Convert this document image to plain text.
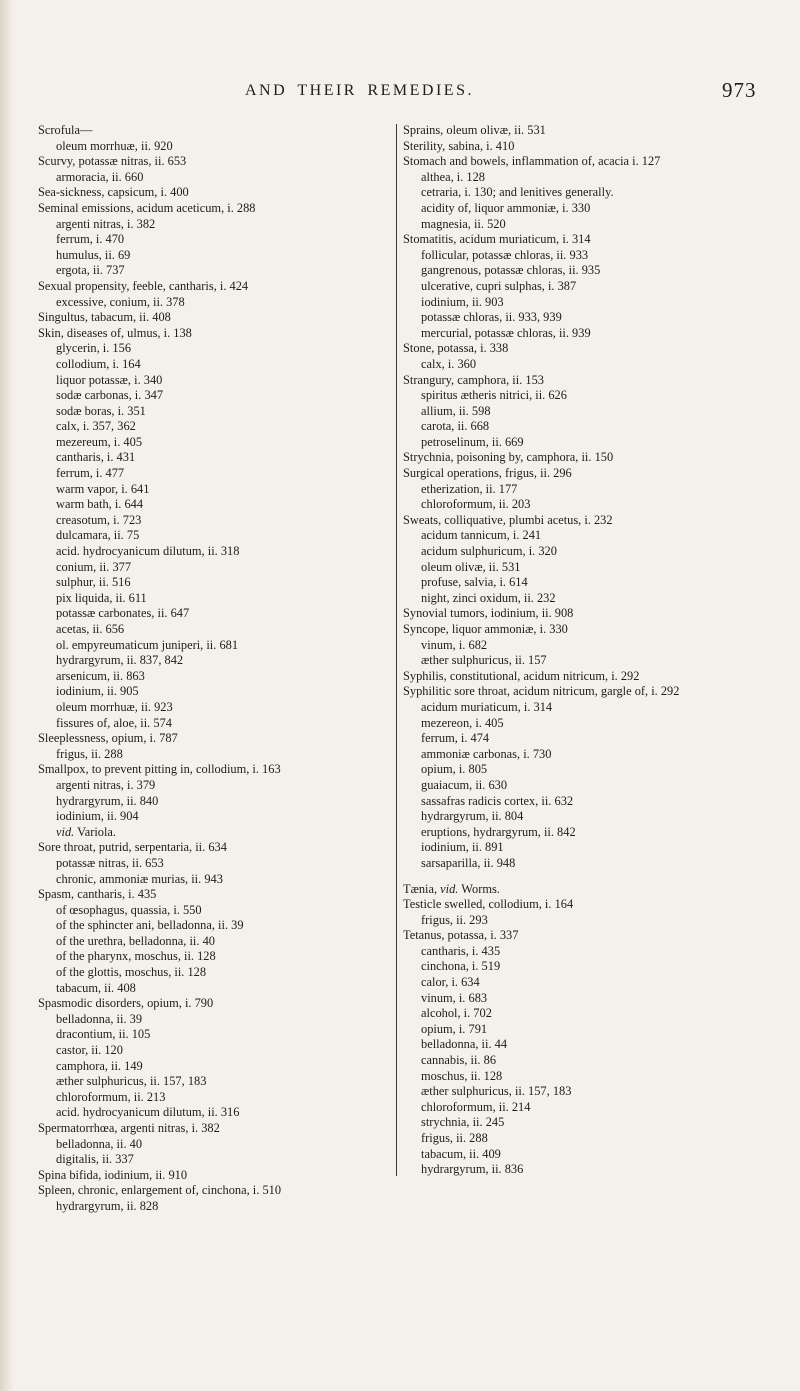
AND THEIR REMEDIES.	973

Scrofula—

oleum morrhuæ, ii. 920

Scurvy, potassæ nitras, ii. 653

armoracia, ii. 660

Sea-sickness, capsicum, i. 400

Seminal emissions, acidum aceticum, i. 288

argenti nitras, i. 382

ferrum, i. 470

humulus, ii. 69

ergota, ii. 737

Sexual propensity, feeble, cantharis, i. 424

excessive, conium, ii. 378

Singultus, tabacum, ii. 408

Skin, diseases of, ulmus, i. 138

glycerin, i. 156

collodium, i. 164

liquor potassæ, i. 340

sodæ carbonas, i. 347

sodæ boras, i. 351

calx, i. 357, 362

mezereum, i. 405

cantharis, i. 431

ferrum, i. 477

warm vapor, i. 641

warm bath, i. 644

creasotum, i. 723

dulcamara, ii. 75

acid. hydrocyanicum dilutum, ii. 318

conium, ii. 377

sulphur, ii. 516

pix liquida, ii. 611

potassæ carbonates, ii. 647

acetas, ii. 656

ol. empyreumaticum juniperi, ii. 681

hydrargyrum, ii. 837, 842

arsenicum, ii. 863

iodinium, ii. 905

oleum morrhuæ, ii. 923

fissures of, aloe, ii. 574

Sleeplessness, opium, i. 787

frigus, ii. 288

Smallpox, to prevent pitting in, collodium, i. 163

argenti nitras, i. 379

hydrargyrum, ii. 840

iodinium, ii. 904

vid. Variola.

Sore throat, putrid, serpentaria, ii. 634

potassæ nitras, ii. 653

chronic, ammoniæ murias, ii. 943

Spasm, cantharis, i. 435

of œsophagus, quassia, i. 550

of the sphincter ani, belladonna, ii. 39

of the urethra, belladonna, ii. 40

of the pharynx, moschus, ii. 128

of the glottis, moschus, ii. 128

tabacum, ii. 408

Spasmodic disorders, opium, i. 790

belladonna, ii. 39

dracontium, ii. 105

castor, ii. 120

camphora, ii. 149

æther sulphuricus, ii. 157, 183

chloroformum, ii. 213

acid. hydrocyanicum dilutum, ii. 316

Spermatorrhœa, argenti nitras, i. 382

belladonna, ii. 40

digitalis, ii. 337

Spina bifida, iodinium, ii. 910

Spleen, chronic, enlargement of, cinchona, i. 510

hydrargyrum, ii. 828

Sprains, oleum olivæ, ii. 531

Sterility, sabina, i. 410

Stomach and bowels, inflammation of, acacia i. 127

althea, i. 128

cetraria, i. 130; and lenitives generally.

acidity of, liquor ammoniæ, i. 330

magnesia, ii. 520

Stomatitis, acidum muriaticum, i. 314

follicular, potassæ chloras, ii. 933

gangrenous, potassæ chloras, ii. 935

ulcerative, cupri sulphas, i. 387

iodinium, ii. 903

potassæ chloras, ii. 933, 939

mercurial, potassæ chloras, ii. 939

Stone, potassa, i. 338

calx, i. 360

Strangury, camphora, ii. 153

spiritus ætheris nitrici, ii. 626

allium, ii. 598

carota, ii. 668

petroselinum, ii. 669

Strychnia, poisoning by, camphora, ii. 150

Surgical operations, frigus, ii. 296

etherization, ii. 177

chloroformum, ii. 203

Sweats, colliquative, plumbi acetus, i. 232

acidum tannicum, i. 241

acidum sulphuricum, i. 320

oleum olivæ, ii. 531

profuse, salvia, i. 614

night, zinci oxidum, ii. 232

Synovial tumors, iodinium, ii. 908

Syncope, liquor ammoniæ, i. 330

vinum, i. 682

æther sulphuricus, ii. 157

Syphilis, constitutional, acidum nitricum, i. 292

Syphilitic sore throat, acidum nitricum, gargle of, i. 292

acidum muriaticum, i. 314

mezereon, i. 405

ferrum, i. 474

ammoniæ carbonas, i. 730

opium, i. 805

guaiacum, ii. 630

sassafras radicis cortex, ii. 632

hydrargyrum, ii. 804

eruptions, hydrargyrum, ii. 842

iodinium, ii. 891

sarsaparilla, ii. 948

Tænia, vid. Worms.

Testicle swelled, collodium, i. 164

frigus, ii. 293

Tetanus, potassa, i. 337

cantharis, i. 435

cinchona, i. 519

calor, i. 634

vinum, i. 683

alcohol, i. 702

opium, i. 791

belladonna, ii. 44

cannabis, ii. 86

moschus, ii. 128

æther sulphuricus, ii. 157, 183

chloroformum, ii. 214

strychnia, ii. 245

frigus, ii. 288

tabacum, ii. 409

hydrargyrum, ii. 836
